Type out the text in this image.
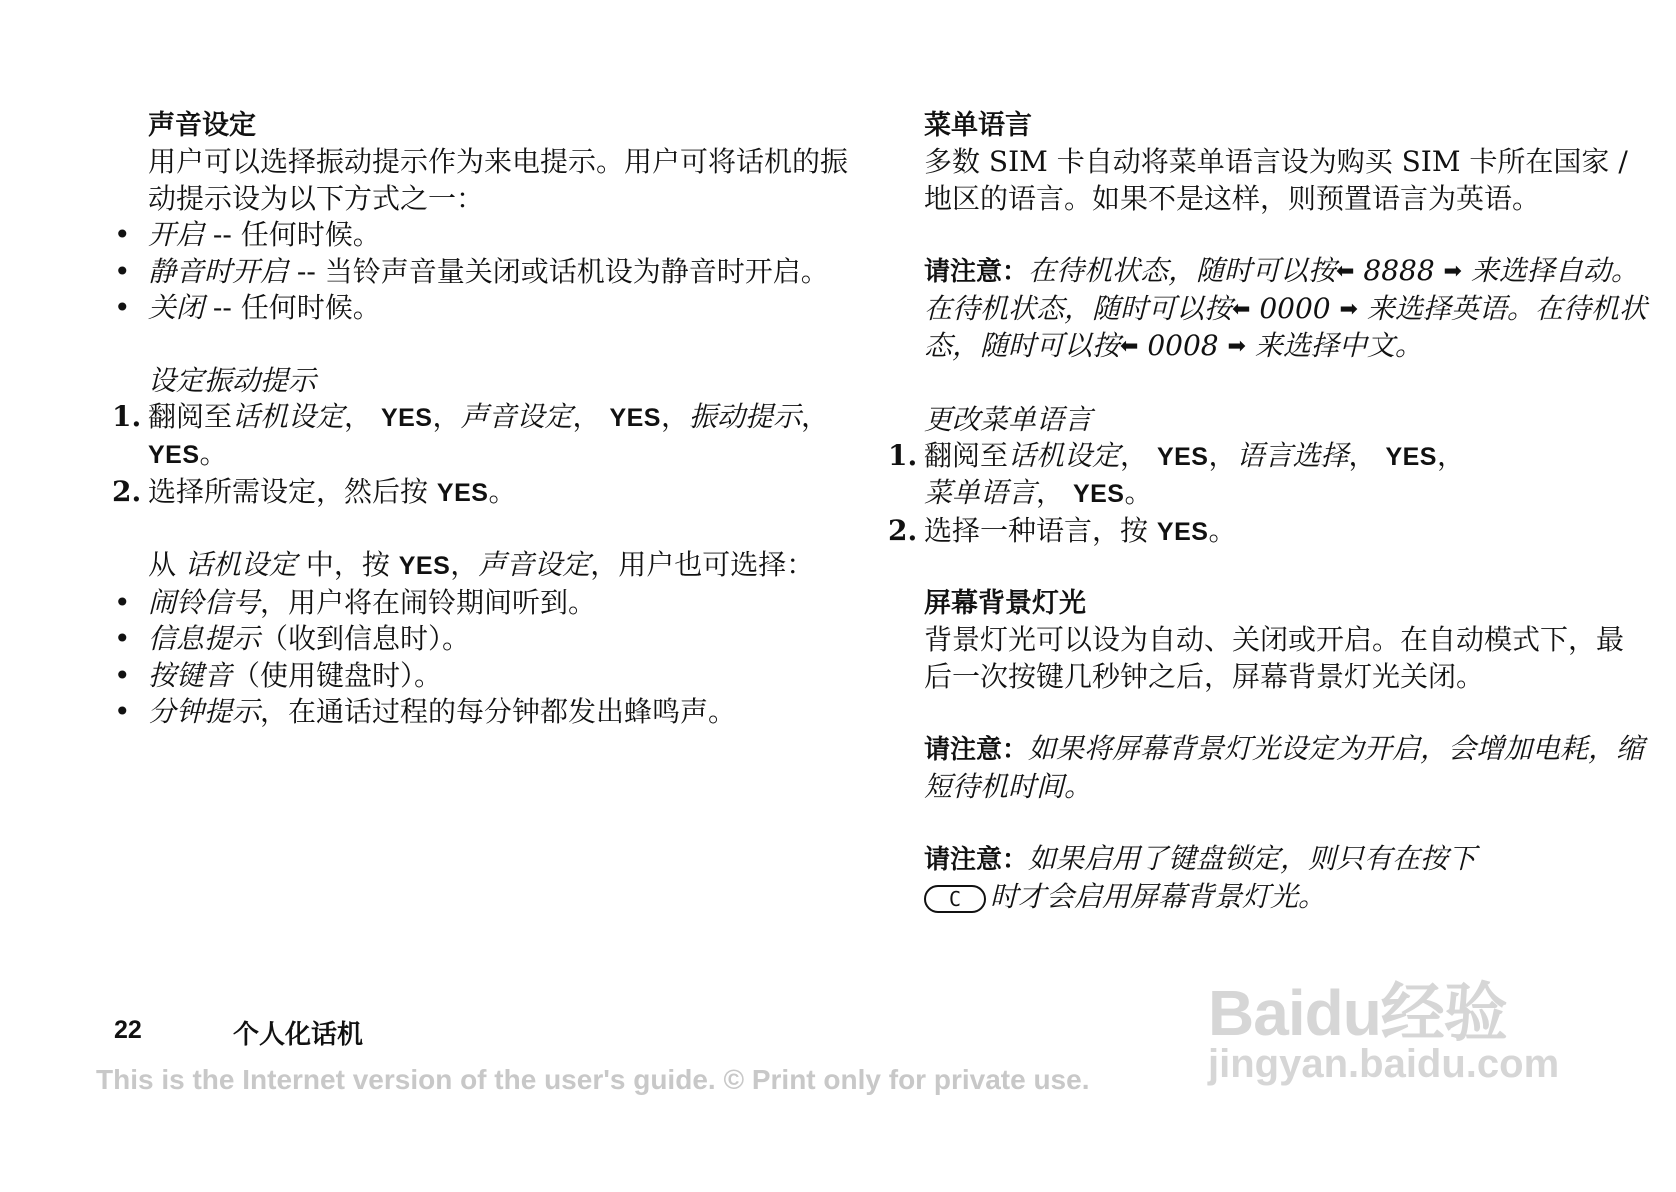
声音设定
用户可以选择振动提示作为来电提示。用户可将话机的振动提示设为以下方式之一：
• 开启 -- 任何时候。
• 静音时开启 -- 当铃声音量关闭或话机设为静音时开启。
• 关闭 -- 任何时候。
设定振动提示
1. 翻阅至话机设定， YES，声音设定， YES，振动提示， YES。
2. 选择所需设定，然后按 YES。
从 话机设定 中，按 YES，声音设定，用户也可选择：
• 闹铃信号，用户将在闹铃期间听到。
• 信息提示（收到信息时）。
• 按键音（使用键盘时）。
• 分钟提示，在通话过程的每分钟都发出蜂鸣声。
菜单语言
多数 SIM 卡自动将菜单语言设为购买 SIM 卡所在国家 / 地区的语言。如果不是这样，则预置语言为英语。
请注意：在待机状态，随时可以按⬅ 8888 ➡ 来选择自动。在待机状态，随时可以按⬅ 0000 ➡ 来选择英语。在待机状态，随时可以按⬅ 0008 ➡ 来选择中文。
更改菜单语言
1. 翻阅至话机设定， YES，语言选择， YES，
菜单语言， YES。
2. 选择一种语言，按 YES。
屏幕背景灯光
背景灯光可以设为自动、关闭或开启。在自动模式下，最后一次按键几秒钟之后，屏幕背景灯光关闭。
请注意：如果将屏幕背景灯光设定为开启，会增加电耗，缩短待机时间。
请注意：如果启用了键盘锁定，则只有在按下
C 时才会启用屏幕背景灯光。
Baidu经验
jingyan.baidu.com
22	个人化话机
This is the Internet version of the user's guide. © Print only for private use.
